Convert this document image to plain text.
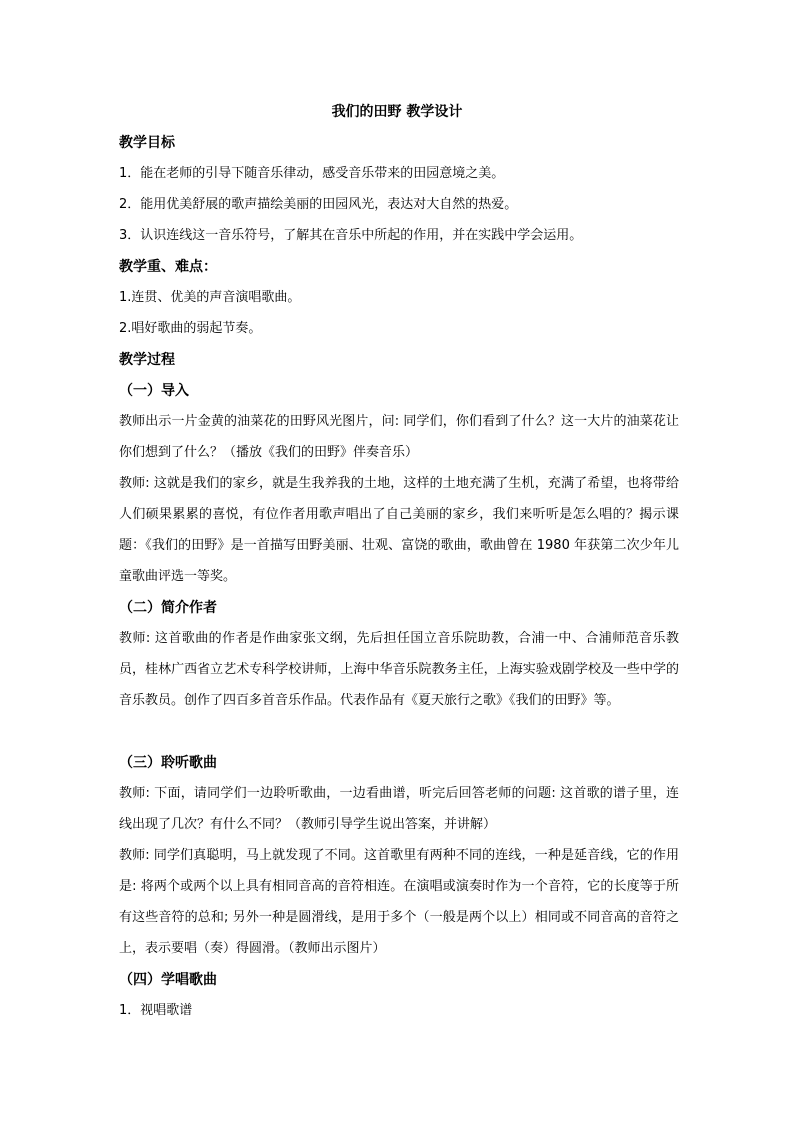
我们的田野 教学设计
教学目标
1．能在老师的引导下随音乐律动，感受音乐带来的田园意境之美。
2．能用优美舒展的歌声描绘美丽的田园风光，表达对大自然的热爱。
3．认识连线这一音乐符号，了解其在音乐中所起的作用，并在实践中学会运用。
教学重、难点：
1.连贯、优美的声音演唱歌曲。
2.唱好歌曲的弱起节奏。
教学过程
（一）导入
教师出示一片金黄的油菜花的田野风光图片，问: 同学们，你们看到了什么？这一大片的油菜花让你们想到了什么？（播放《我们的田野》伴奏音乐）
教师: 这就是我们的家乡，就是生我养我的土地，这样的土地充满了生机，充满了希望，也将带给人们硕果累累的喜悦，有位作者用歌声唱出了自己美丽的家乡，我们来听听是怎么唱的？揭示课题：《我们的田野》是一首描写田野美丽、壮观、富饶的歌曲，歌曲曾在 1980 年获第二次少年儿童歌曲评选一等奖。
（二）简介作者
教师: 这首歌曲的作者是作曲家张文纲，先后担任国立音乐院助教，合浦一中、合浦师范音乐教员，桂林广西省立艺术专科学校讲师，上海中华音乐院教务主任，上海实验戏剧学校及一些中学的音乐教员。创作了四百多首音乐作品。代表作品有《夏天旅行之歌》《我们的田野》等。
（三）聆听歌曲
教师: 下面，请同学们一边聆听歌曲，一边看曲谱，听完后回答老师的问题: 这首歌的谱子里，连线出现了几次？有什么不同？（教师引导学生说出答案，并讲解）
教师: 同学们真聪明，马上就发现了不同。这首歌里有两种不同的连线，一种是延音线，它的作用是: 将两个或两个以上具有相同音高的音符相连。在演唱或演奏时作为一个音符，它的长度等于所有这些音符的总和; 另外一种是圆滑线，是用于多个（一般是两个以上）相同或不同音高的音符之上，表示要唱（奏）得圆滑。（教师出示图片）
（四）学唱歌曲
1．视唱歌谱
